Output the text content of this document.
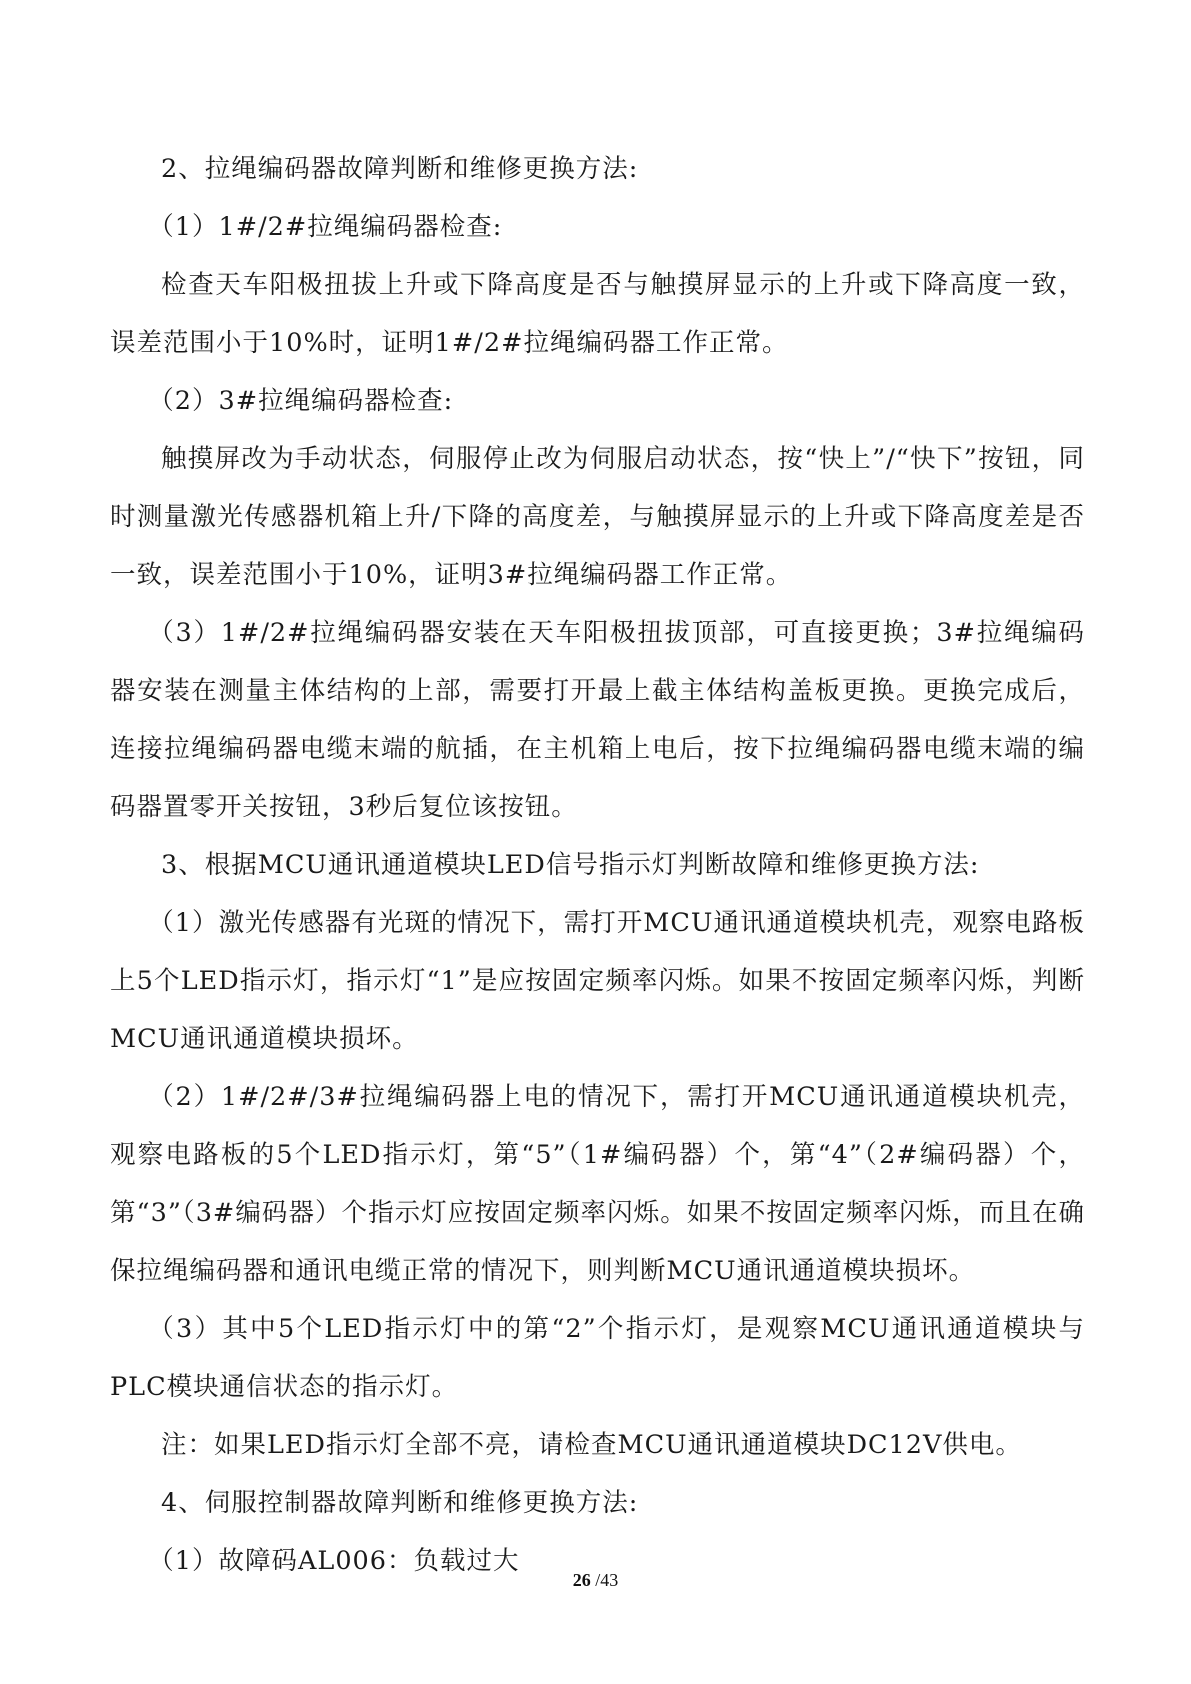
2、拉绳编码器故障判断和维修更换方法:

（1）1#/2#拉绳编码器检查:

检查天车阳极扭拔上升或下降高度是否与触摸屏显示的上升或下降高度一致，误差范围小于10%时，证明1#/2#拉绳编码器工作正常。

（2）3#拉绳编码器检查:

触摸屏改为手动状态，伺服停止改为伺服启动状态，按“快上”/“快下”按钮，同时测量激光传感器机箱上升/下降的高度差，与触摸屏显示的上升或下降高度差是否一致，误差范围小于10%，证明3#拉绳编码器工作正常。

（3）1#/2#拉绳编码器安装在天车阳极扭拔顶部，可直接更换；3#拉绳编码器安装在测量主体结构的上部，需要打开最上截主体结构盖板更换。更换完成后，连接拉绳编码器电缆末端的航插，在主机箱上电后，按下拉绳编码器电缆末端的编码器置零开关按钮，3秒后复位该按钮。

3、根据MCU通讯通道模块LED信号指示灯判断故障和维修更换方法:

（1）激光传感器有光斑的情况下，需打开MCU通讯通道模块机壳，观察电路板上5个LED指示灯，指示灯“1”是应按固定频率闪烁。如果不按固定频率闪烁，判断MCU通讯通道模块损坏。

（2）1#/2#/3#拉绳编码器上电的情况下，需打开MCU通讯通道模块机壳，观察电路板的5个LED指示灯，第“5”（1#编码器）个，第“4”（2#编码器）个，第“3”（3#编码器）个指示灯应按固定频率闪烁。如果不按固定频率闪烁，而且在确保拉绳编码器和通讯电缆正常的情况下，则判断MCU通讯通道模块损坏。

（3）其中5个LED指示灯中的第“2”个指示灯，是观察MCU通讯通道模块与PLC模块通信状态的指示灯。

注：如果LED指示灯全部不亮，请检查MCU通讯通道模块DC12V供电。

4、伺服控制器故障判断和维修更换方法:

（1）故障码AL006：负载过大

26 /43
